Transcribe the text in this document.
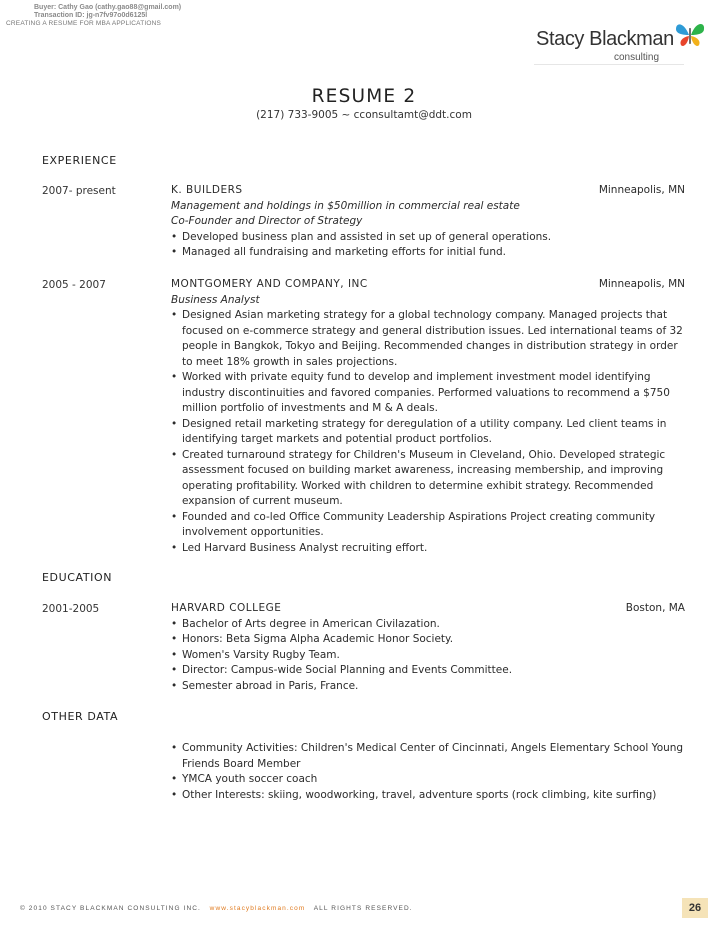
Buyer: Cathy Gao (cathy.gao88@gmail.com)
Transaction ID: jg-n7fv97o0d6125l
CREATING A RESUME FOR MBA APPLICATIONS
Stacy Blackman
consulting
RESUME 2
(217) 733-9005 ~ cconsultamt@ddt.com
EXPERIENCE
2007- present	K. BUILDERS	Minneapolis, MN
Management and holdings in $50million in commercial real estate
Co-Founder and Director of Strategy
• Developed business plan and assisted in set up of general operations.
• Managed all fundraising and marketing efforts for initial fund.
2005 - 2007	MONTGOMERY AND COMPANY, INC	Minneapolis, MN
Business Analyst
• Designed Asian marketing strategy for a global technology company. Managed projects that focused on e-commerce strategy and general distribution issues. Led international teams of 32 people in Bangkok, Tokyo and Beijing. Recommended changes in distribution strategy in order to meet 18% growth in sales projections.
• Worked with private equity fund to develop and implement investment model identifying industry discontinuities and favored companies. Performed valuations to recommend a $750 million portfolio of investments and M & A deals.
• Designed retail marketing strategy for deregulation of a utility company. Led client teams in identifying target markets and potential product portfolios.
• Created turnaround strategy for Children's Museum in Cleveland, Ohio. Developed strategic assessment focused on building market awareness, increasing membership, and improving operating profitability. Worked with children to determine exhibit strategy. Recommended expansion of current museum.
• Founded and co-led Office Community Leadership Aspirations Project creating community involvement opportunities.
• Led Harvard Business Analyst recruiting effort.
EDUCATION
2001-2005	HARVARD COLLEGE	Boston, MA
• Bachelor of Arts degree in American Civilazation.
• Honors: Beta Sigma Alpha Academic Honor Society.
• Women's Varsity Rugby Team.
• Director: Campus-wide Social Planning and Events Committee.
• Semester abroad in Paris, France.
OTHER DATA
• Community Activities: Children's Medical Center of Cincinnati, Angels Elementary School Young Friends Board Member
• YMCA youth soccer coach
• Other Interests: skiing, woodworking, travel, adventure sports (rock climbing, kite surfing)
© 2010 STACY BLACKMAN CONSULTING INC. www.stacyblackman.com ALL RIGHTS RESERVED.	26
